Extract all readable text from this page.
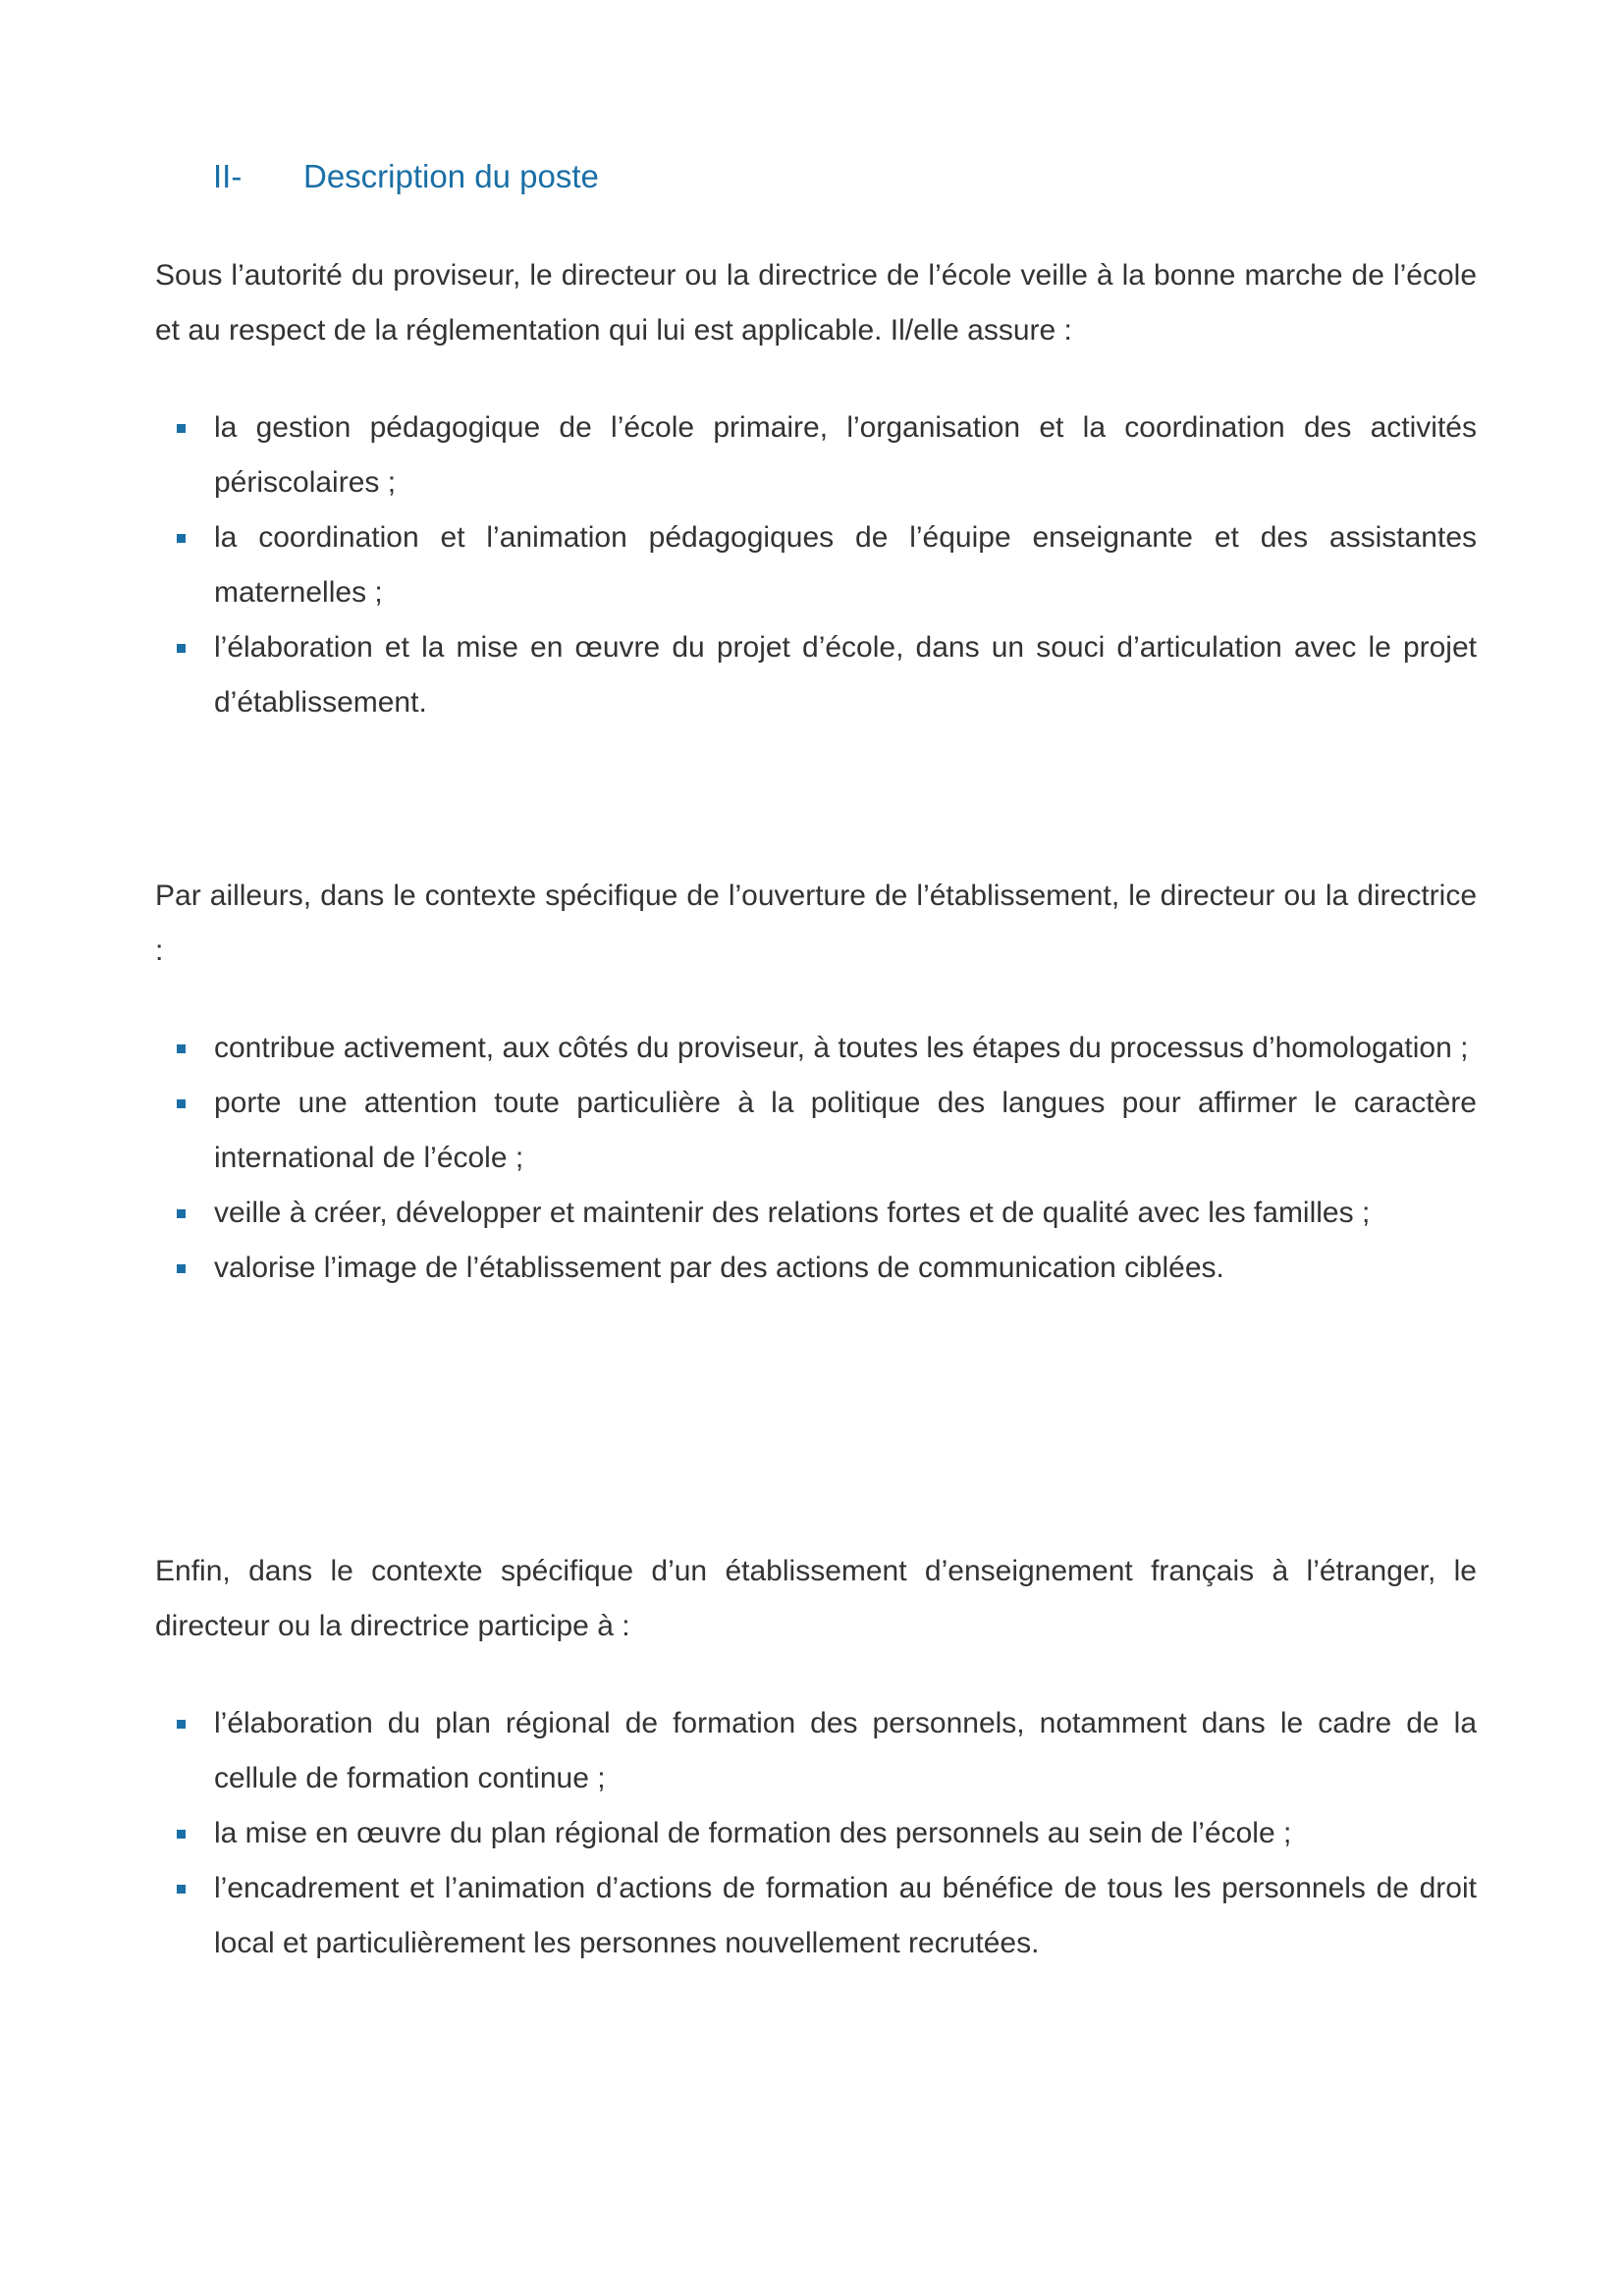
II-	Description du poste

Sous l’autorité du proviseur, le directeur ou la directrice de l’école veille à la bonne marche de l’école et au respect de la réglementation qui lui est applicable. Il/elle assure :

la gestion pédagogique de l’école primaire, l’organisation et la coordination des activités périscolaires ;
la coordination et l’animation pédagogiques de l’équipe enseignante et des assistantes maternelles ;
l’élaboration et la mise en œuvre du projet d’école, dans un souci d’articulation avec le projet d’établissement.

Par ailleurs, dans le contexte spécifique de l’ouverture de l’établissement, le directeur ou la directrice :

contribue activement, aux côtés du proviseur, à toutes les étapes du processus d’homologation ;
porte une attention toute particulière à la politique des langues pour affirmer le caractère international de l’école ;
veille à créer, développer et maintenir des relations fortes et de qualité avec les familles ;
valorise l’image de l’établissement par des actions de communication ciblées.

Enfin, dans le contexte spécifique d’un établissement d’enseignement français à l’étranger, le directeur ou la directrice participe à :

l’élaboration du plan régional de formation des personnels, notamment dans le cadre de la cellule de formation continue ;
la mise en œuvre du plan régional de formation des personnels au sein de l’école ;
l’encadrement et l’animation d’actions de formation au bénéfice de tous les personnels de droit local et particulièrement les personnes nouvellement recrutées.
